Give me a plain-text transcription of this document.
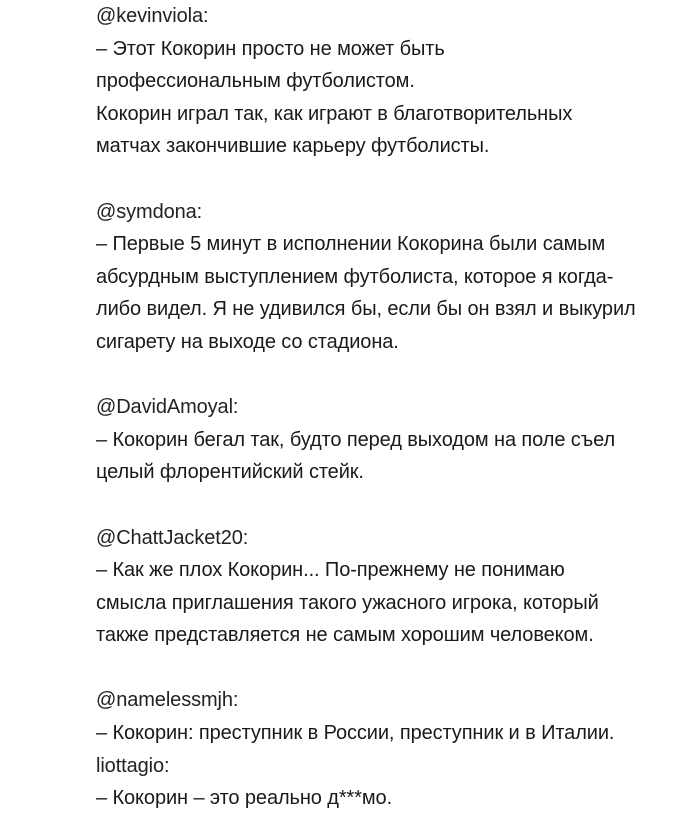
@kevinviola:
– Этот Кокорин просто не может быть
профессиональным футболистом.
Кокорин играл так, как играют в благотворительных
матчах закончившие карьеру футболисты.
@symdona:
– Первые 5 минут в исполнении Кокорина были самым
абсурдным выступлением футболиста, которое я когда-
либо видел. Я не удивился бы, если бы он взял и выкурил
сигарету на выходе со стадиона.
@DavidAmoyal:
– Кокорин бегал так, будто перед выходом на поле съел
целый флорентийский стейк.
@ChattJacket20:
– Как же плох Кокорин... По-прежнему не понимаю
смысла приглашения такого ужасного игрока, который
также представляется не самым хорошим человеком.
@namelessmjh:
– Кокорин: преступник в России, преступник и в Италии.
liottagio:
– Кокорин – это реально д***мо.
